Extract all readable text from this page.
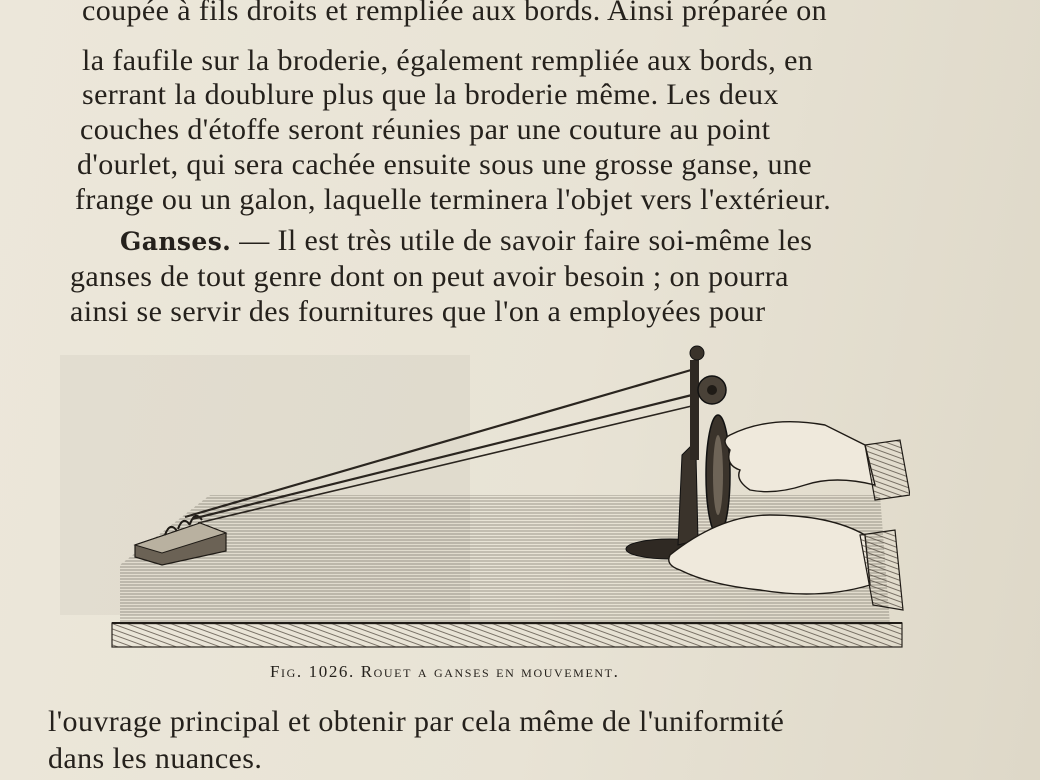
coupée à fils droits et rempliée aux bords. Ainsi préparée on
la faufile sur la broderie, également rempliée aux bords, en
serrant la doublure plus que la broderie même. Les deux
couches d'étoffe seront réunies par une couture au point
d'ourlet, qui sera cachée ensuite sous une grosse ganse, une
frange ou un galon, laquelle terminera l'objet vers l'extérieur.
Ganses. — Il est très utile de savoir faire soi-même les
ganses de tout genre dont on peut avoir besoin ; on pourra
ainsi se servir des fournitures que l'on a employées pour
Fig. 1026. Rouet a ganses en mouvement.
l'ouvrage principal et obtenir par cela même de l'uniformité
dans les nuances.
